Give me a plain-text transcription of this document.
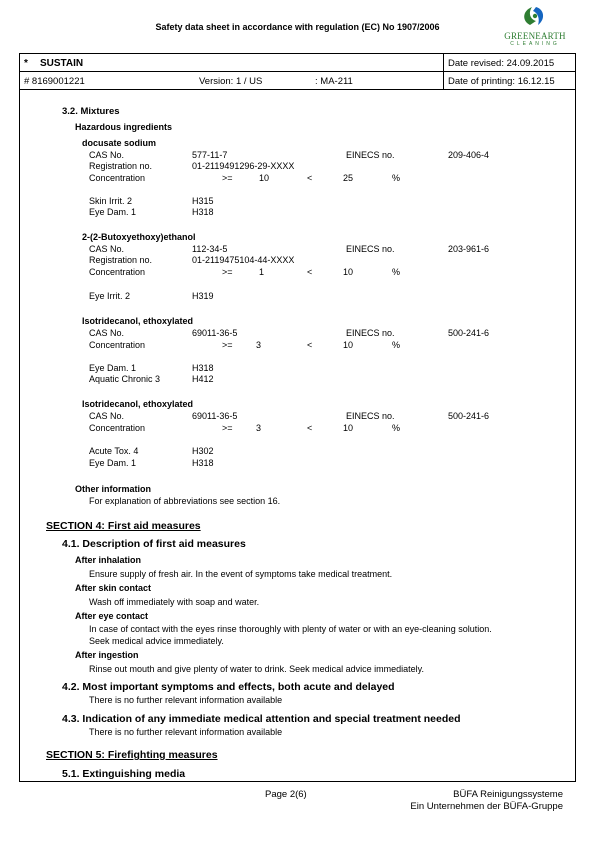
Safety data sheet in accordance with regulation (EC) No 1907/2006
GREENEARTH
CLEANING
* SUSTAIN	Date revised: 24.09.2015
# 8169001221	Version: 1 / US	: MA-211	Date of printing: 16.12.15
3.2. Mixtures
Hazardous ingredients
docusate sodium
CAS No.	577-11-7	EINECS no.	209-406-4
Registration no.	01-2119491296-29-XXXX
Concentration	>=	10	<	25	%
Skin Irrit. 2	H315
Eye Dam. 1	H318
2-(2-Butoxyethoxy)ethanol
CAS No.	112-34-5	EINECS no.	203-961-6
Registration no.	01-2119475104-44-XXXX
Concentration	>=	1	<	10	%
Eye Irrit. 2	H319
Isotridecanol, ethoxylated
CAS No.	69011-36-5	EINECS no.	500-241-6
Concentration	>=	3	<	10	%
Eye Dam. 1	H318
Aquatic Chronic 3	H412
Isotridecanol, ethoxylated
CAS No.	69011-36-5	EINECS no.	500-241-6
Concentration	>=	3	<	10	%
Acute Tox. 4	H302
Eye Dam. 1	H318
Other information
For explanation of abbreviations see section 16.
SECTION 4: First aid measures
4.1. Description of first aid measures
After inhalation
Ensure supply of fresh air. In the event of symptoms take medical treatment.
After skin contact
Wash off immediately with soap and water.
After eye contact
In case of contact with the eyes rinse thoroughly with plenty of water or with an eye-cleaning solution.
Seek medical advice immediately.
After ingestion
Rinse out mouth and give plenty of water to drink. Seek medical advice immediately.
4.2. Most important symptoms and effects, both acute and delayed
There is no further relevant information available
4.3. Indication of any immediate medical attention and special treatment needed
There is no further relevant information available
SECTION 5: Firefighting measures
5.1. Extinguishing media
Page 2(6)	BÜFA Reinigungssysteme
Ein Unternehmen der BÜFA-Gruppe
